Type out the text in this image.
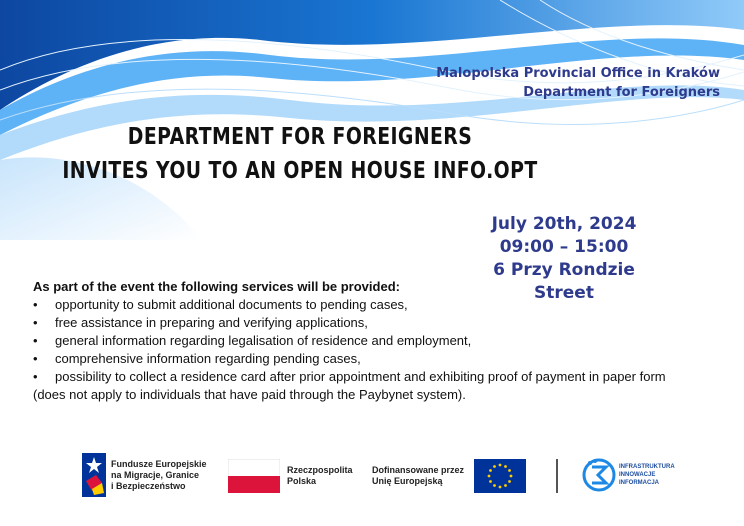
Malopolska Provincial Office in Kraków
Department for Foreigners
DEPARTMENT FOR FOREIGNERS
INVITES YOU TO AN OPEN HOUSE INFO.OPT
July 20th, 2024
09:00 – 15:00
6 Przy Rondzie Street
As part of the event the following services will be provided:
• opportunity to submit additional documents to pending cases,
• free assistance in preparing and verifying applications,
• general information regarding legalisation of residence and employment,
• comprehensive information regarding pending cases,
• possibility to collect a residence card after prior appointment and exhibiting proof of payment in paper form
(does not apply to individuals that have paid through the Paybynet system).
Fundusze Europejskie
na Migracje, Granice
i Bezpieczeństwo
Rzeczpospolita
Polska
Dofinansowane przez
Unię Europejską
INFRASTRUKTURA
INNOWACJE
INFORMACJA
